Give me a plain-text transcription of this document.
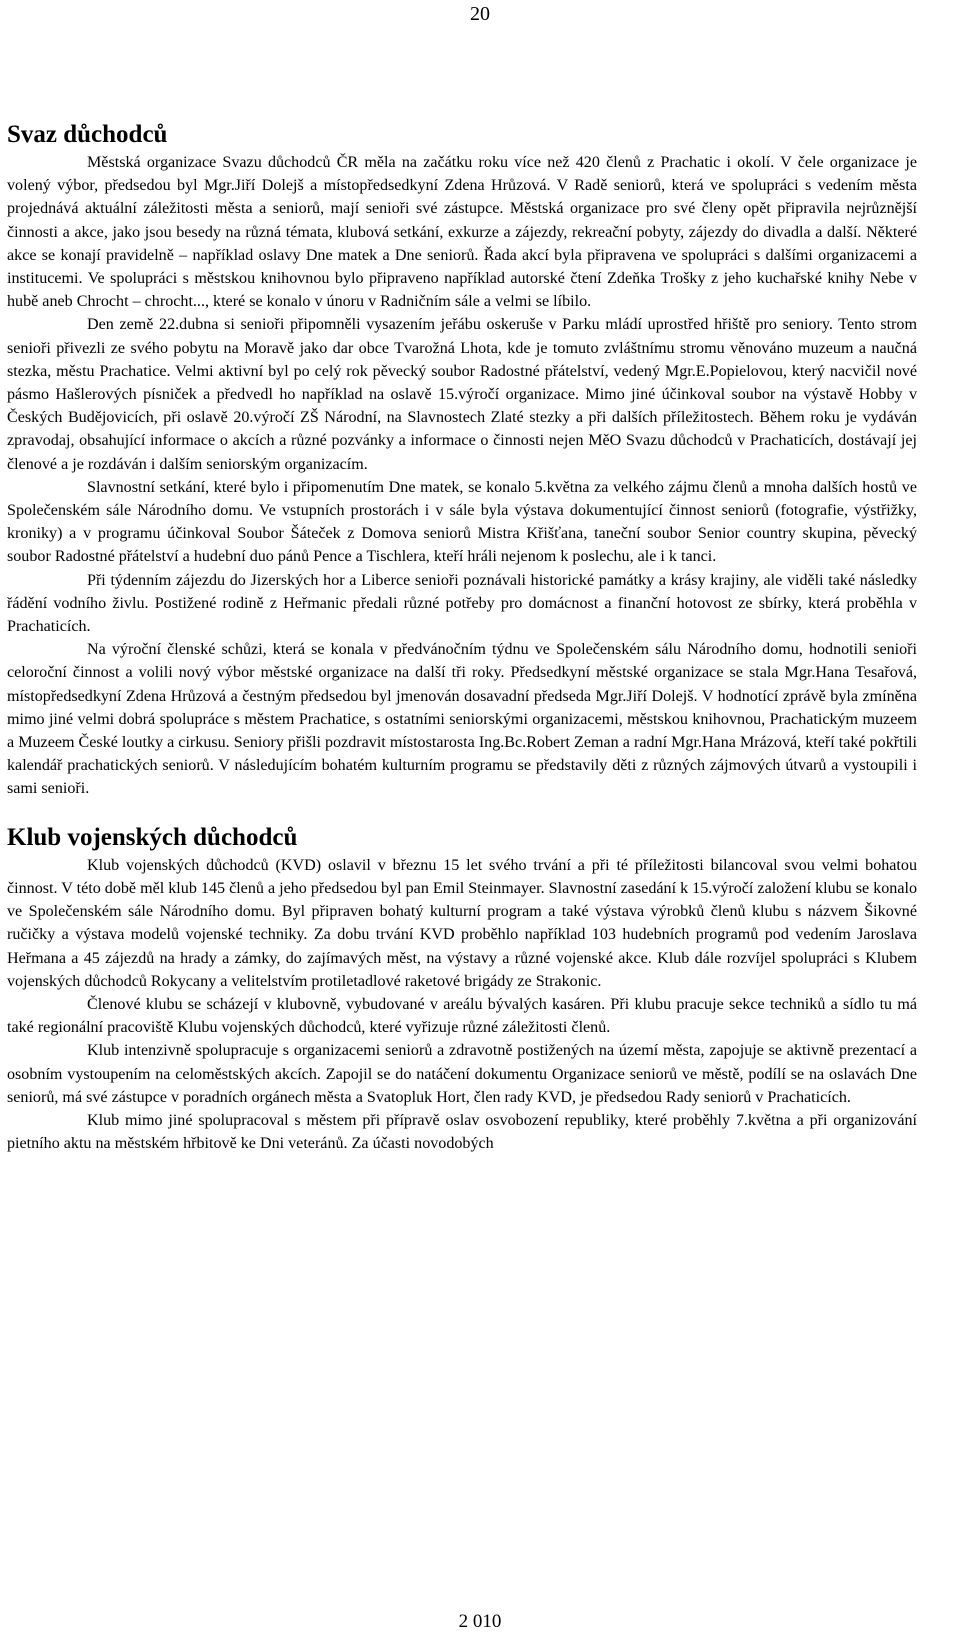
20
Svaz důchodců

Městská organizace Svazu důchodců ČR měla na začátku roku více než 420 členů z Prachatic i okolí. V čele organizace je volený výbor, předsedou byl Mgr.Jiří Dolejš a místopředsedkyní Zdena Hrůzová. V Radě seniorů, která ve spolupráci s vedením města projednává aktuální záležitosti města a seniorů, mají senioři své zástupce. Městská organizace pro své členy opět připravila nejrůznější činnosti a akce, jako jsou besedy na různá témata, klubová setkání, exkurze a zájezdy, rekreační pobyty, zájezdy do divadla a další. Některé akce se konají pravidelně – například oslavy Dne matek a Dne seniorů. Řada akcí byla připravena ve spolupráci s dalšími organizacemi a institucemi. Ve spolupráci s městskou knihovnou bylo připraveno například autorské čtení Zdeňka Trošky z jeho kuchařské knihy Nebe v hubě aneb Chrocht – chrocht..., které se konalo v únoru v Radničním sále a velmi se líbilo.

Den země 22.dubna si senioři připomněli vysazením jeřábu oskeruše v Parku mládí uprostřed hřiště pro seniory. Tento strom senioři přivezli ze svého pobytu na Moravě jako dar obce Tvarožná Lhota, kde je tomuto zvláštnímu stromu věnováno muzeum a naučná stezka, městu Prachatice. Velmi aktivní byl po celý rok pěvecký soubor Radostné přátelství, vedený Mgr.E.Popielovou, který nacvičil nové pásmo Hašlerových písniček a předvedl ho například na oslavě 15.výročí organizace. Mimo jiné účinkoval soubor na výstavě Hobby v Českých Budějovicích, při oslavě 20.výročí ZŠ Národní, na Slavnostech Zlaté stezky a při dalších příležitostech. Během roku je vydáván zpravodaj, obsahující informace o akcích a různé pozvánky a informace o činnosti nejen MěO Svazu důchodců v Prachaticích, dostávají jej členové a je rozdáván i dalším seniorským organizacím.

Slavnostní setkání, které bylo i připomenutím Dne matek, se konalo 5.května za velkého zájmu členů a mnoha dalších hostů ve Společenském sále Národního domu. Ve vstupních prostorách i v sále byla výstava dokumentující činnost seniorů (fotografie, výstřižky, kroniky) a v programu účinkoval Soubor Šáteček z Domova seniorů Mistra Křišťana, taneční soubor Senior country skupina, pěvecký soubor Radostné přátelství a hudební duo pánů Pence a Tischlera, kteří hráli nejenom k poslechu, ale i k tanci.

Při týdenním zájezdu do Jizerských hor a Liberce senioři poznávali historické památky a krásy krajiny, ale viděli také následky řádění vodního živlu. Postižené rodině z Heřmanic předali různé potřeby pro domácnost a finanční hotovost ze sbírky, která proběhla v Prachaticích.

Na výroční členské schůzi, která se konala v předvánočním týdnu ve Společenském sálu Národního domu, hodnotili senioři celoroční činnost a volili nový výbor městské organizace na další tři roky. Předsedkyní městské organizace se stala Mgr.Hana Tesařová, místopředsedkyní Zdena Hrůzová a čestným předsedou byl jmenován dosavadní předseda Mgr.Jiří Dolejš. V hodnotící zprávě byla zmíněna mimo jiné velmi dobrá spolupráce s městem Prachatice, s ostatními seniorskými organizacemi, městskou knihovnou, Prachatickým muzeem a Muzeem České loutky a cirkusu. Seniory přišli pozdravit místostarosta Ing.Bc.Robert Zeman a radní Mgr.Hana Mrázová, kteří také pokřtili kalendář prachatických seniorů. V následujícím bohatém kulturním programu se představily děti z různých zájmových útvarů a vystoupili i sami senioři.

Klub vojenských důchodců

Klub vojenských důchodců (KVD) oslavil v březnu 15 let svého trvání a při té příležitosti bilancoval svou velmi bohatou činnost. V této době měl klub 145 členů a jeho předsedou byl pan Emil Steinmayer. Slavnostní zasedání k 15.výročí založení klubu se konalo ve Společenském sále Národního domu. Byl připraven bohatý kulturní program a také výstava výrobků členů klubu s názvem Šikovné ručičky a výstava modelů vojenské techniky. Za dobu trvání KVD proběhlo například 103 hudebních programů pod vedením Jaroslava Heřmana a 45 zájezdů na hrady a zámky, do zajímavých měst, na výstavy a různé vojenské akce. Klub dále rozvíjel spolupráci s Klubem vojenských důchodců Rokycany a velitelstvím protiletadlové raketové brigády ze Strakonic.

Členové klubu se scházejí v klubovně, vybudované v areálu bývalých kasáren. Při klubu pracuje sekce techniků a sídlo tu má také regionální pracoviště Klubu vojenských důchodců, které vyřizuje různé záležitosti členů.

Klub intenzivně spolupracuje s organizacemi seniorů a zdravotně postižených na území města, zapojuje se aktivně prezentací a osobním vystoupením na celoměstských akcích. Zapojil se do natáčení dokumentu Organizace seniorů ve městě, podílí se na oslavách Dne seniorů, má své zástupce v poradních orgánech města a Svatopluk Hort, člen rady KVD, je předsedou Rady seniorů v Prachaticích.

Klub mimo jiné spolupracoval s městem při přípravě oslav osvobození republiky, které proběhly 7.května a při organizování pietního aktu na městském hřbitově ke Dni veteránů. Za účasti novodobých

2 010
